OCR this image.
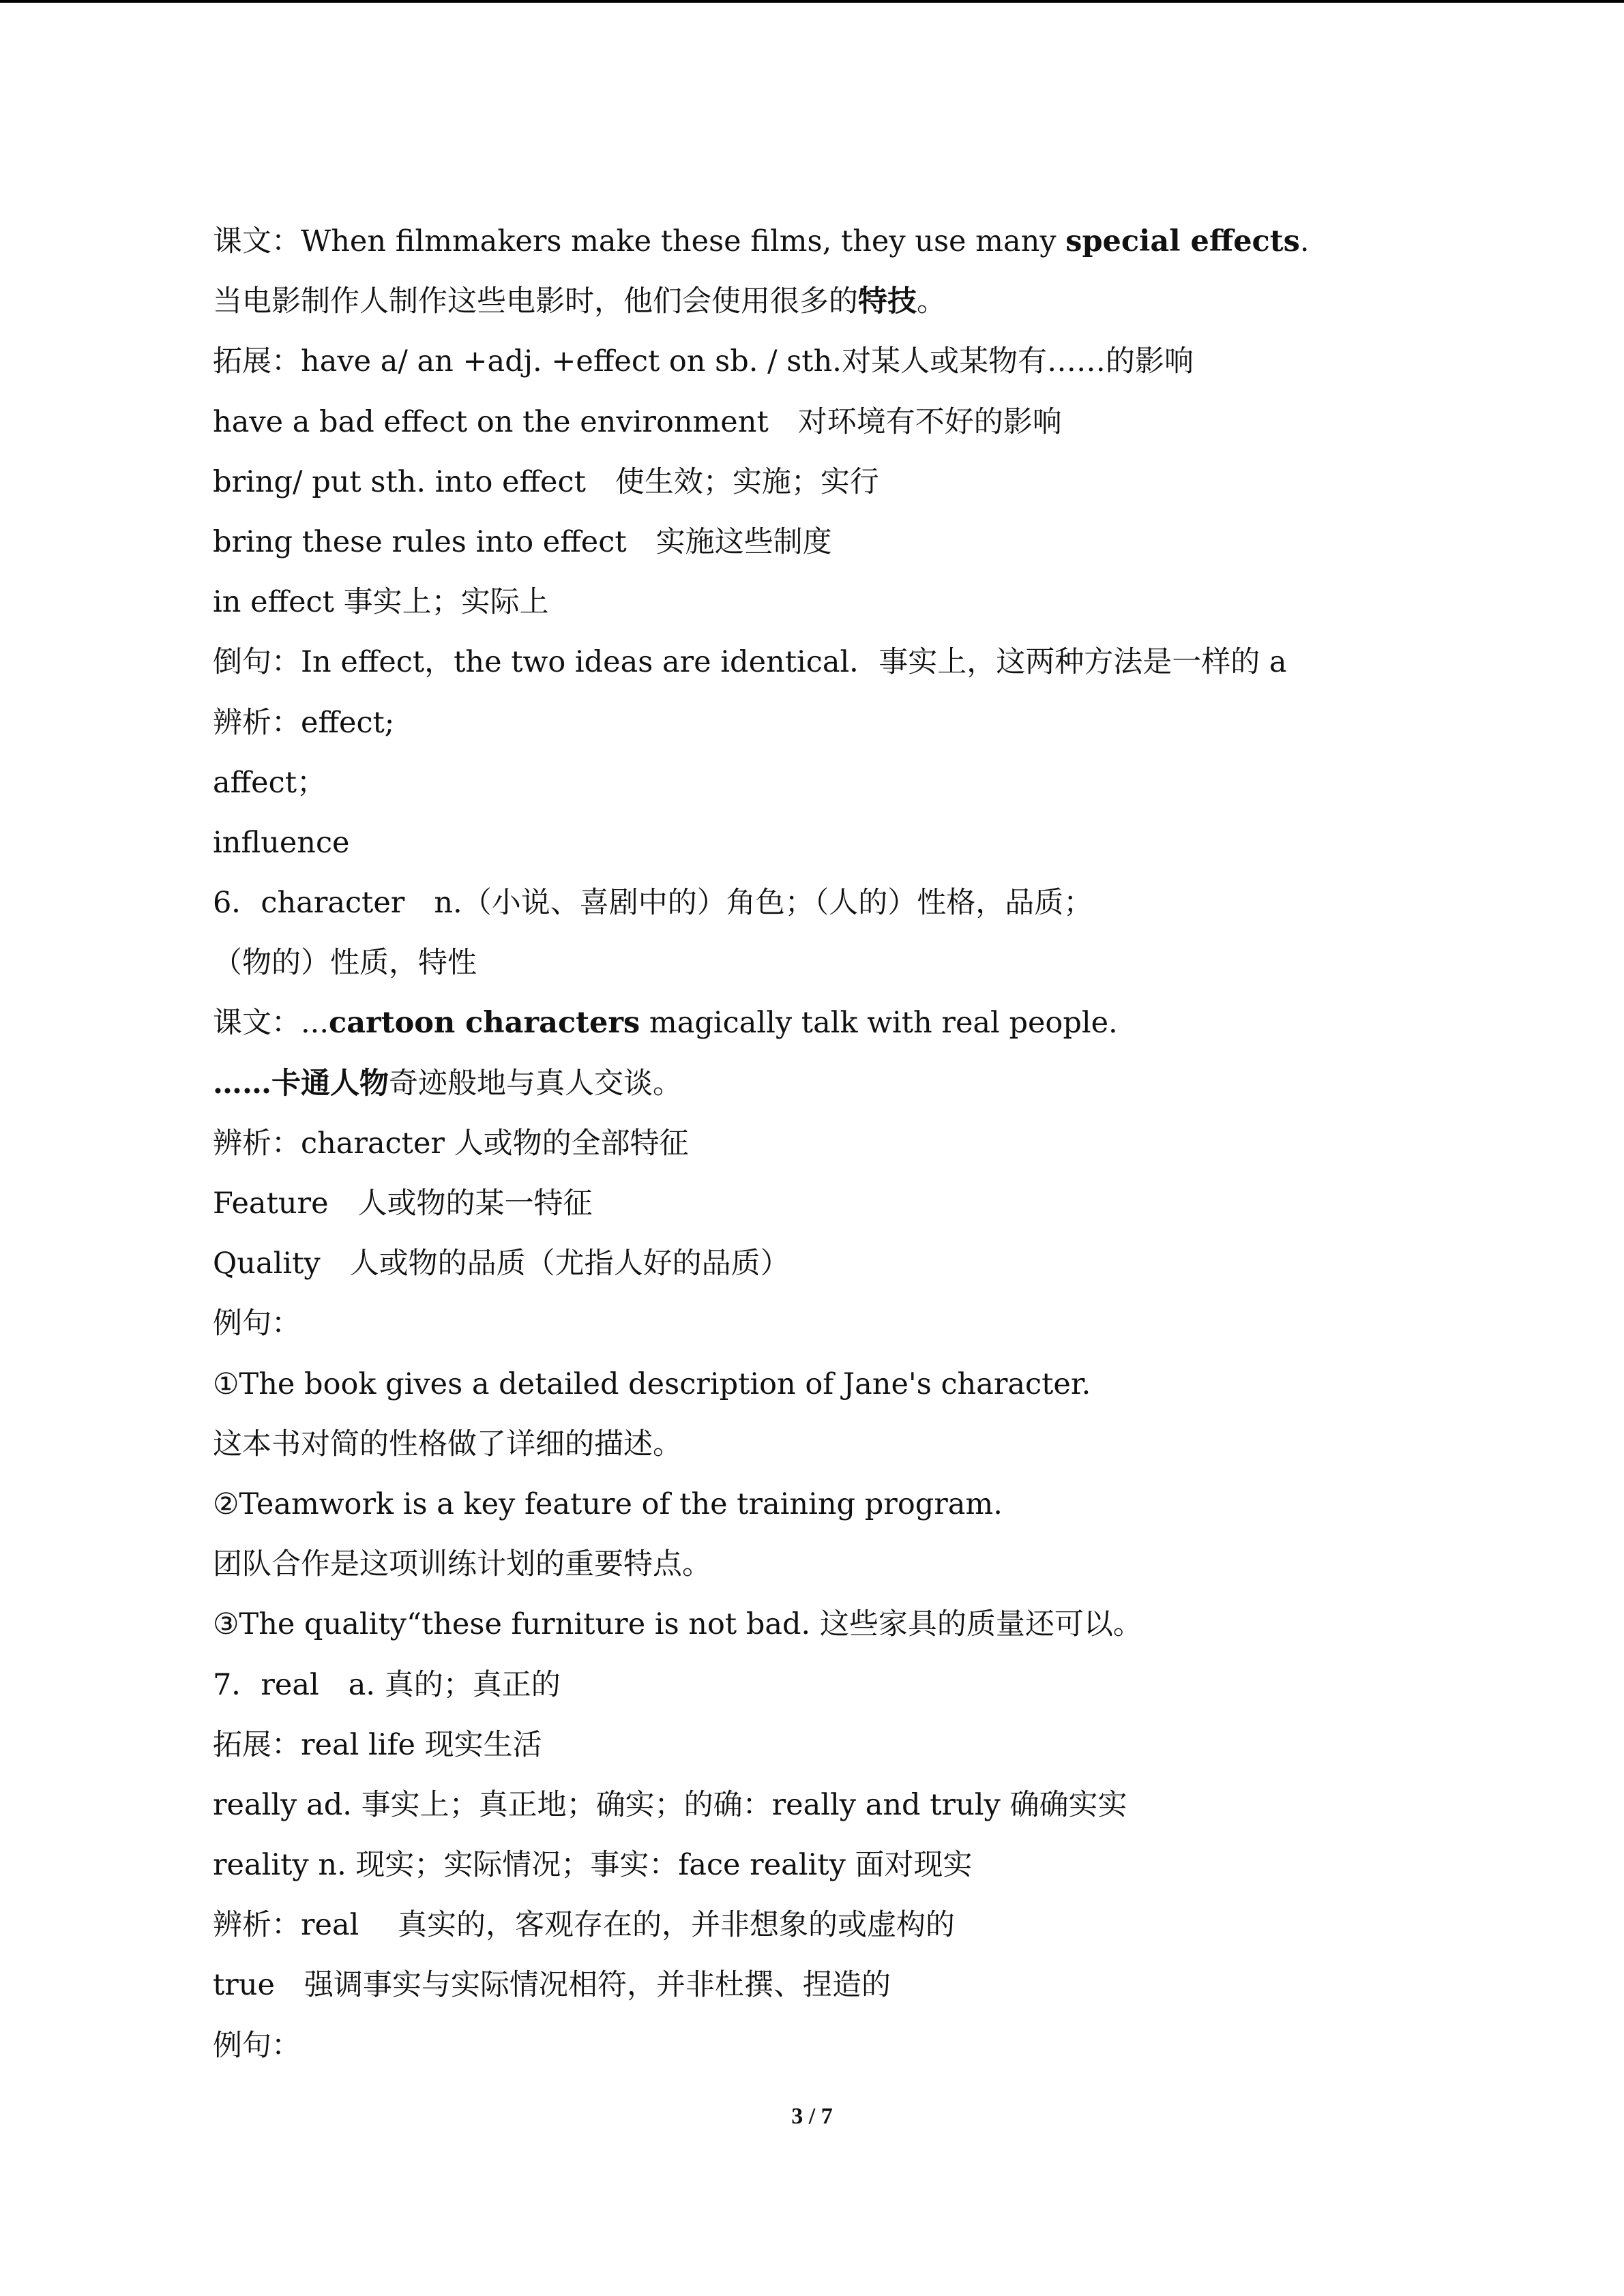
课文：When filmmakers make these films, they use many special effects.
当电影制作人制作这些电影时，他们会使用很多的特技。
拓展：have a/ an +adj. +effect on sb. / sth.对某人或某物有……的影响
have a bad effect on the environment　对环境有不好的影响
bring/ put sth. into effect　使生效；实施；实行
bring these rules into effect　实施这些制度
in effect 事实上；实际上
倒句：In effect，the two ideas are identical．事实上，这两种方法是一样的 a
辨析：effect;
affect；
influence
6．character　n.（小说、喜剧中的）角色；（人的）性格，品质；
（物的）性质，特性
课文：...cartoon characters magically talk with real people.
……卡通人物奇迹般地与真人交谈。
辨析：character 人或物的全部特征
Feature　人或物的某一特征
Quality　人或物的品质（尤指人好的品质）
例句：
①The book gives a detailed description of Jane's character.
这本书对简的性格做了详细的描述。
②Teamwork is a key feature of the training program.
团队合作是这项训练计划的重要特点。
③The quality“these furniture is not bad. 这些家具的质量还可以。
7．real　a. 真的；真正的
拓展：real life 现实生活
really ad. 事实上；真正地；确实；的确：really and truly 确确实实
reality n. 现实；实际情况；事实：face reality 面对现实
辨析：real　 真实的，客观存在的，并非想象的或虚构的
true　强调事实与实际情况相符，并非杜撰、捏造的
例句：
3 / 7
